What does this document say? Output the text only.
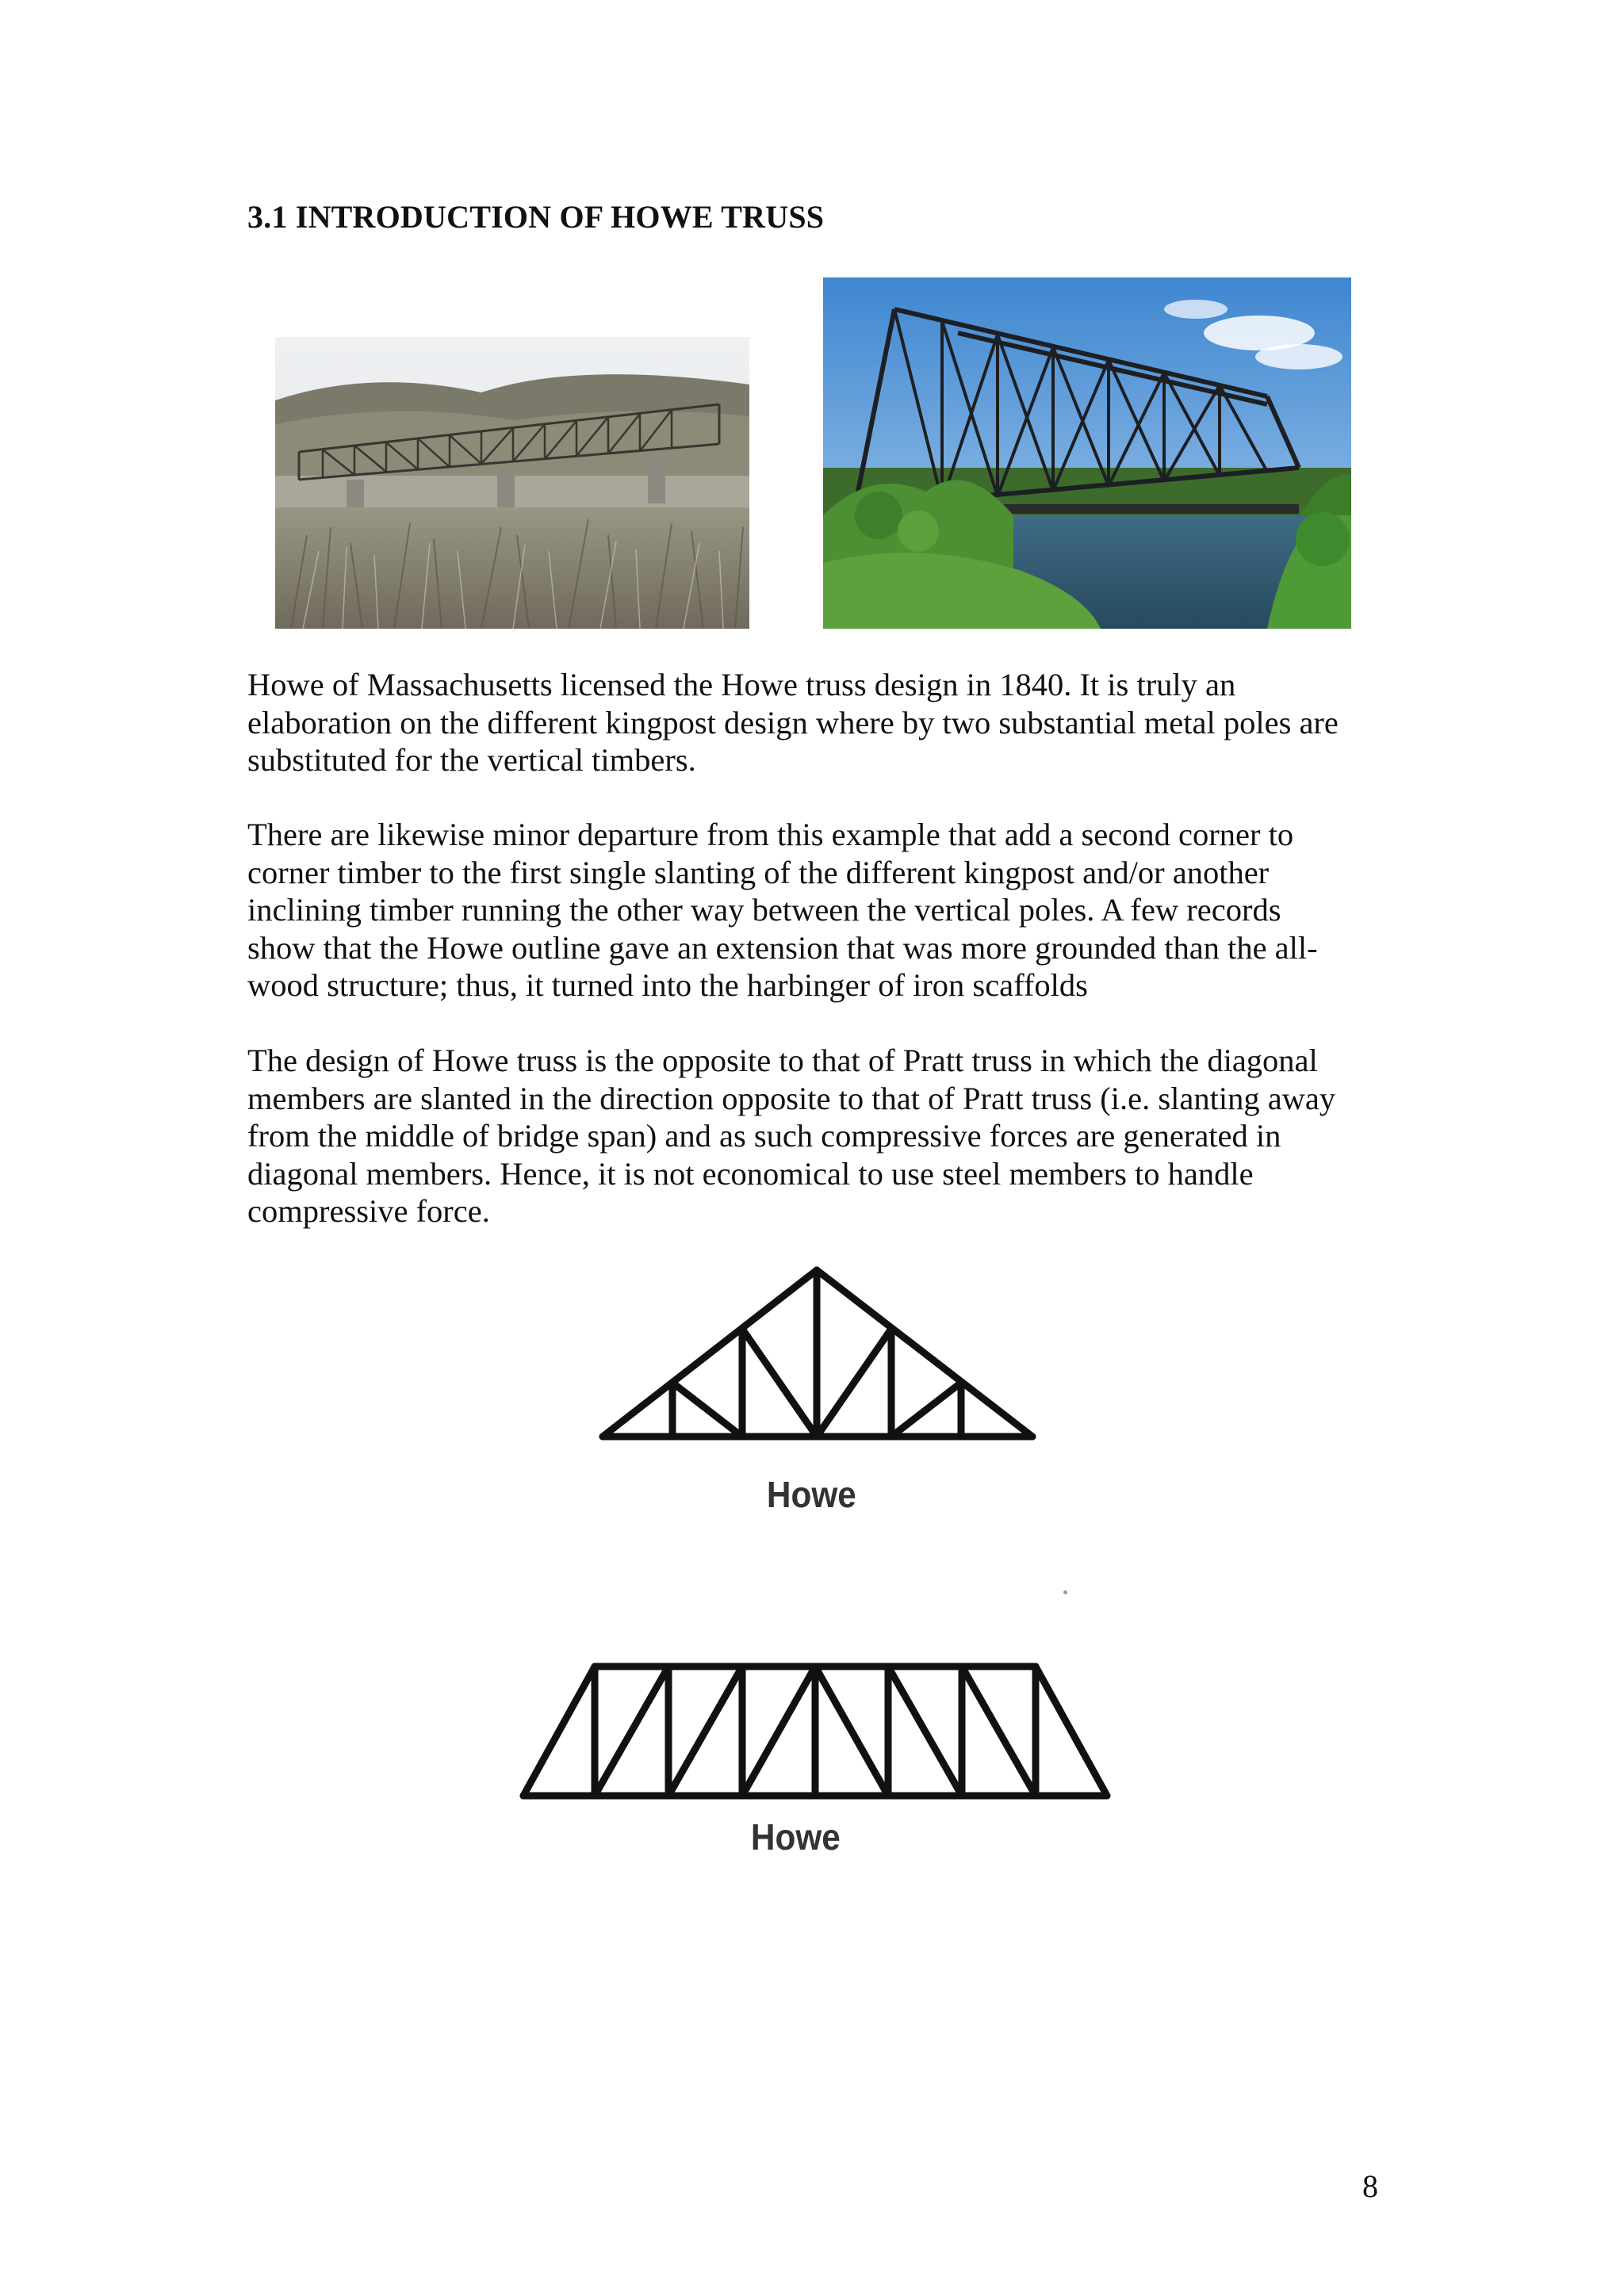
3.1 INTRODUCTION OF HOWE TRUSS

Howe of Massachusetts licensed the Howe truss design in 1840. It is truly an
elaboration on the different kingpost design where by two substantial metal poles are
substituted for the vertical timbers.

There are likewise minor departure from this example that add a second corner to
corner timber to the first single slanting of the different kingpost and/or another
inclining timber running the other way between the vertical poles. A few records
show that the Howe outline gave an extension that was more grounded than the all-
wood structure; thus, it turned into the harbinger of iron scaffolds

The design of Howe truss is the opposite to that of Pratt truss in which the diagonal
members are slanted in the direction opposite to that of Pratt truss (i.e. slanting away
from the middle of bridge span) and as such compressive forces are generated in
diagonal members. Hence, it is not economical to use steel members to handle
compressive force.

Howe
Howe
8
